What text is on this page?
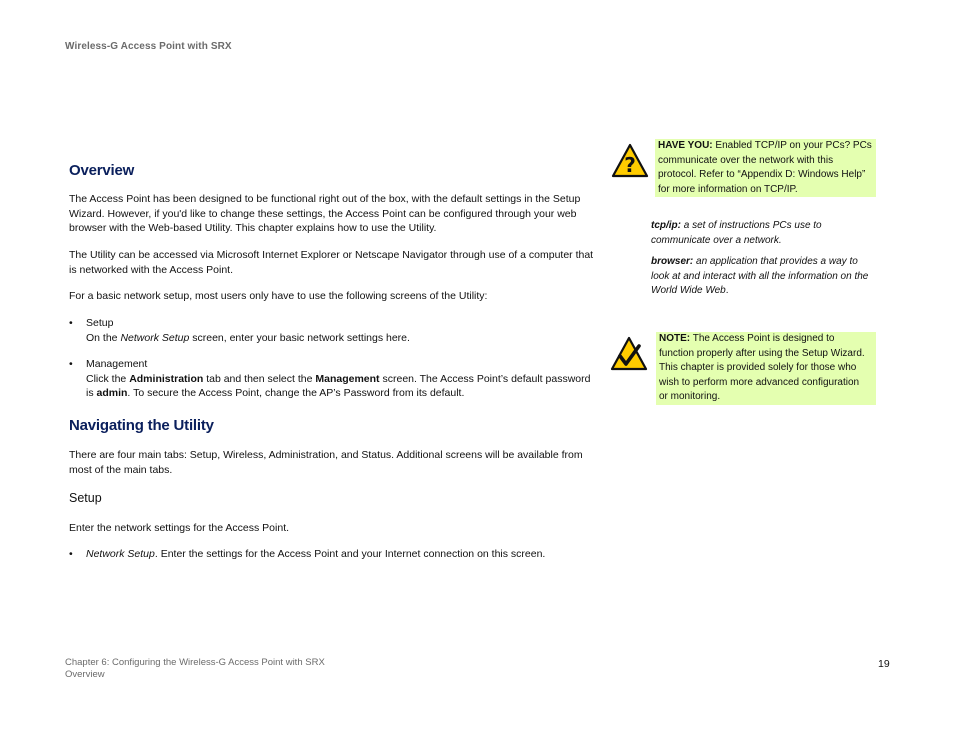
Wireless-G Access Point with SRX
Overview
The Access Point has been designed to be functional right out of the box, with the default settings in the Setup Wizard. However, if you'd like to change these settings, the Access Point can be configured through your web browser with the Web-based Utility. This chapter explains how to use the Utility.
The Utility can be accessed via Microsoft Internet Explorer or Netscape Navigator through use of a computer that is networked with the Access Point.
For a basic network setup, most users only have to use the following screens of the Utility:
• Setup
On the Network Setup screen, enter your basic network settings here.
• Management
Click the Administration tab and then select the Management screen. The Access Point’s default password
is admin. To secure the Access Point, change the AP’s Password from its default.
Navigating the Utility
There are four main tabs: Setup, Wireless, Administration, and Status. Additional screens will be available from most of the main tabs.
Setup
Enter the network settings for the Access Point.
• Network Setup. Enter the settings for the Access Point and your Internet connection on this screen.
?
HAVE YOU: Enabled TCP/IP on your PCs? PCs
communicate over the network with this
protocol. Refer to “Appendix D: Windows Help”
for more information on TCP/IP.
tcp/ip: a set of instructions PCs use to
communicate over a network.
browser: an application that provides a way to
look at and interact with all the information on the
World Wide Web.
NOTE: The Access Point is designed to
function properly after using the Setup Wizard.
This chapter is provided solely for those who
wish to perform more advanced configuration
or monitoring.
Chapter 6: Configuring the Wireless-G Access Point with SRX
Overview
19
